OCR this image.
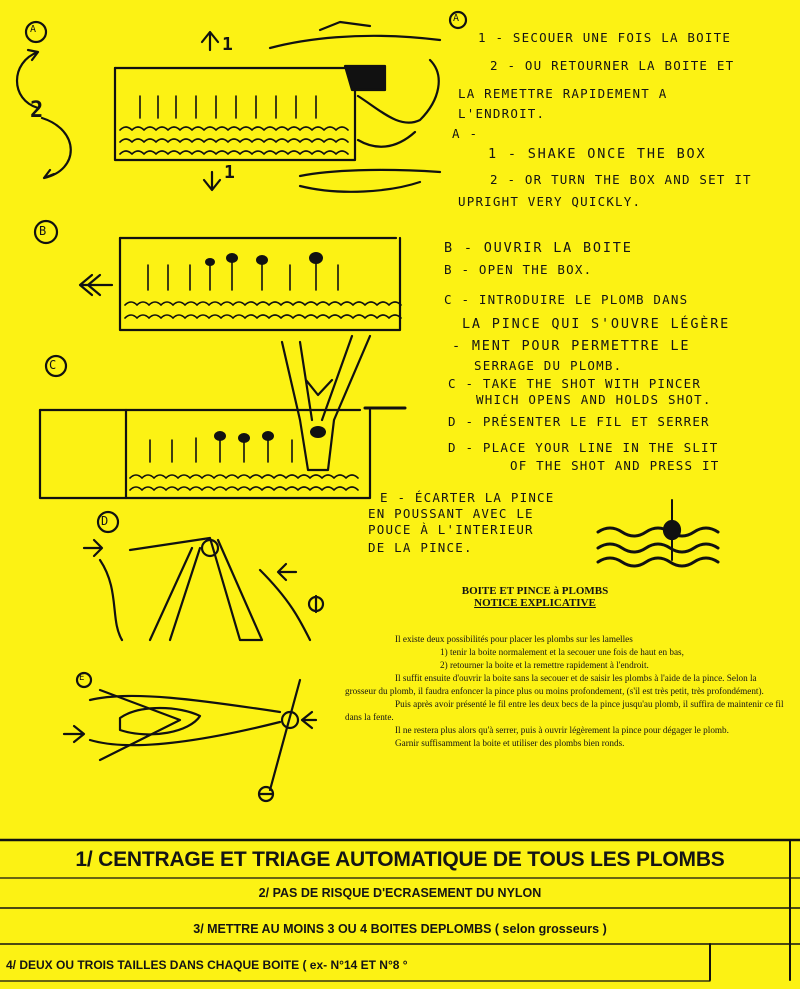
A
A
B
C
D
E
1
1
2
1 - SECOUER UNE FOIS LA BOITE
2 - OU RETOURNER LA BOITE ET
LA REMETTRE RAPIDEMENT A
L'ENDROIT.
A -
1 - SHAKE ONCE THE BOX
2 - OR TURN THE BOX AND SET IT
UPRIGHT VERY QUICKLY.
B - OUVRIR LA BOITE
B - OPEN THE BOX.
C - INTRODUIRE LE PLOMB DANS
LA PINCE QUI S'OUVRE LÉGÈRE
- MENT POUR PERMETTRE LE
SERRAGE DU PLOMB.
C - TAKE THE SHOT WITH PINCER
WHICH OPENS AND HOLDS SHOT.
D - PRÉSENTER LE FIL ET SERRER
D - PLACE YOUR LINE IN THE SLIT
OF THE SHOT AND PRESS IT
E - ÉCARTER LA PINCE
EN POUSSANT AVEC LE
POUCE À L'INTERIEUR
DE LA PINCE.
BOITE ET PINCE à PLOMBS
NOTICE EXPLICATIVE

Il existe deux possibilités pour placer les plombs sur les lamelles

1) tenir la boite normalement et la secouer une fois de haut en bas,

2) retourner la boite et la remettre rapidement à l'endroit.

Il suffit ensuite d'ouvrir la boite sans la secouer et de saisir les plombs à l'aide de la pince. Selon la grosseur du plomb, il faudra enfoncer la pince plus ou moins profondement, (s'il est très petit, très profondément).

Puis après avoir présenté le fil entre les deux becs de la pince jusqu'au plomb, il suffira de maintenir ce fil dans la fente.

Il ne restera plus alors qu'à serrer, puis à ouvrir légèrement la pince pour dégager le plomb.

Garnir suffisamment la boite et utiliser des plombs bien ronds.

1/ CENTRAGE ET TRIAGE AUTOMATIQUE DE TOUS LES PLOMBS
2/ PAS DE RISQUE D'ECRASEMENT DU NYLON
3/ METTRE AU MOINS 3 OU 4 BOITES DEPLOMBS ( selon grosseurs )
4/ DEUX OU TROIS TAILLES DANS CHAQUE BOITE ( ex- N°14 ET N°8 °
